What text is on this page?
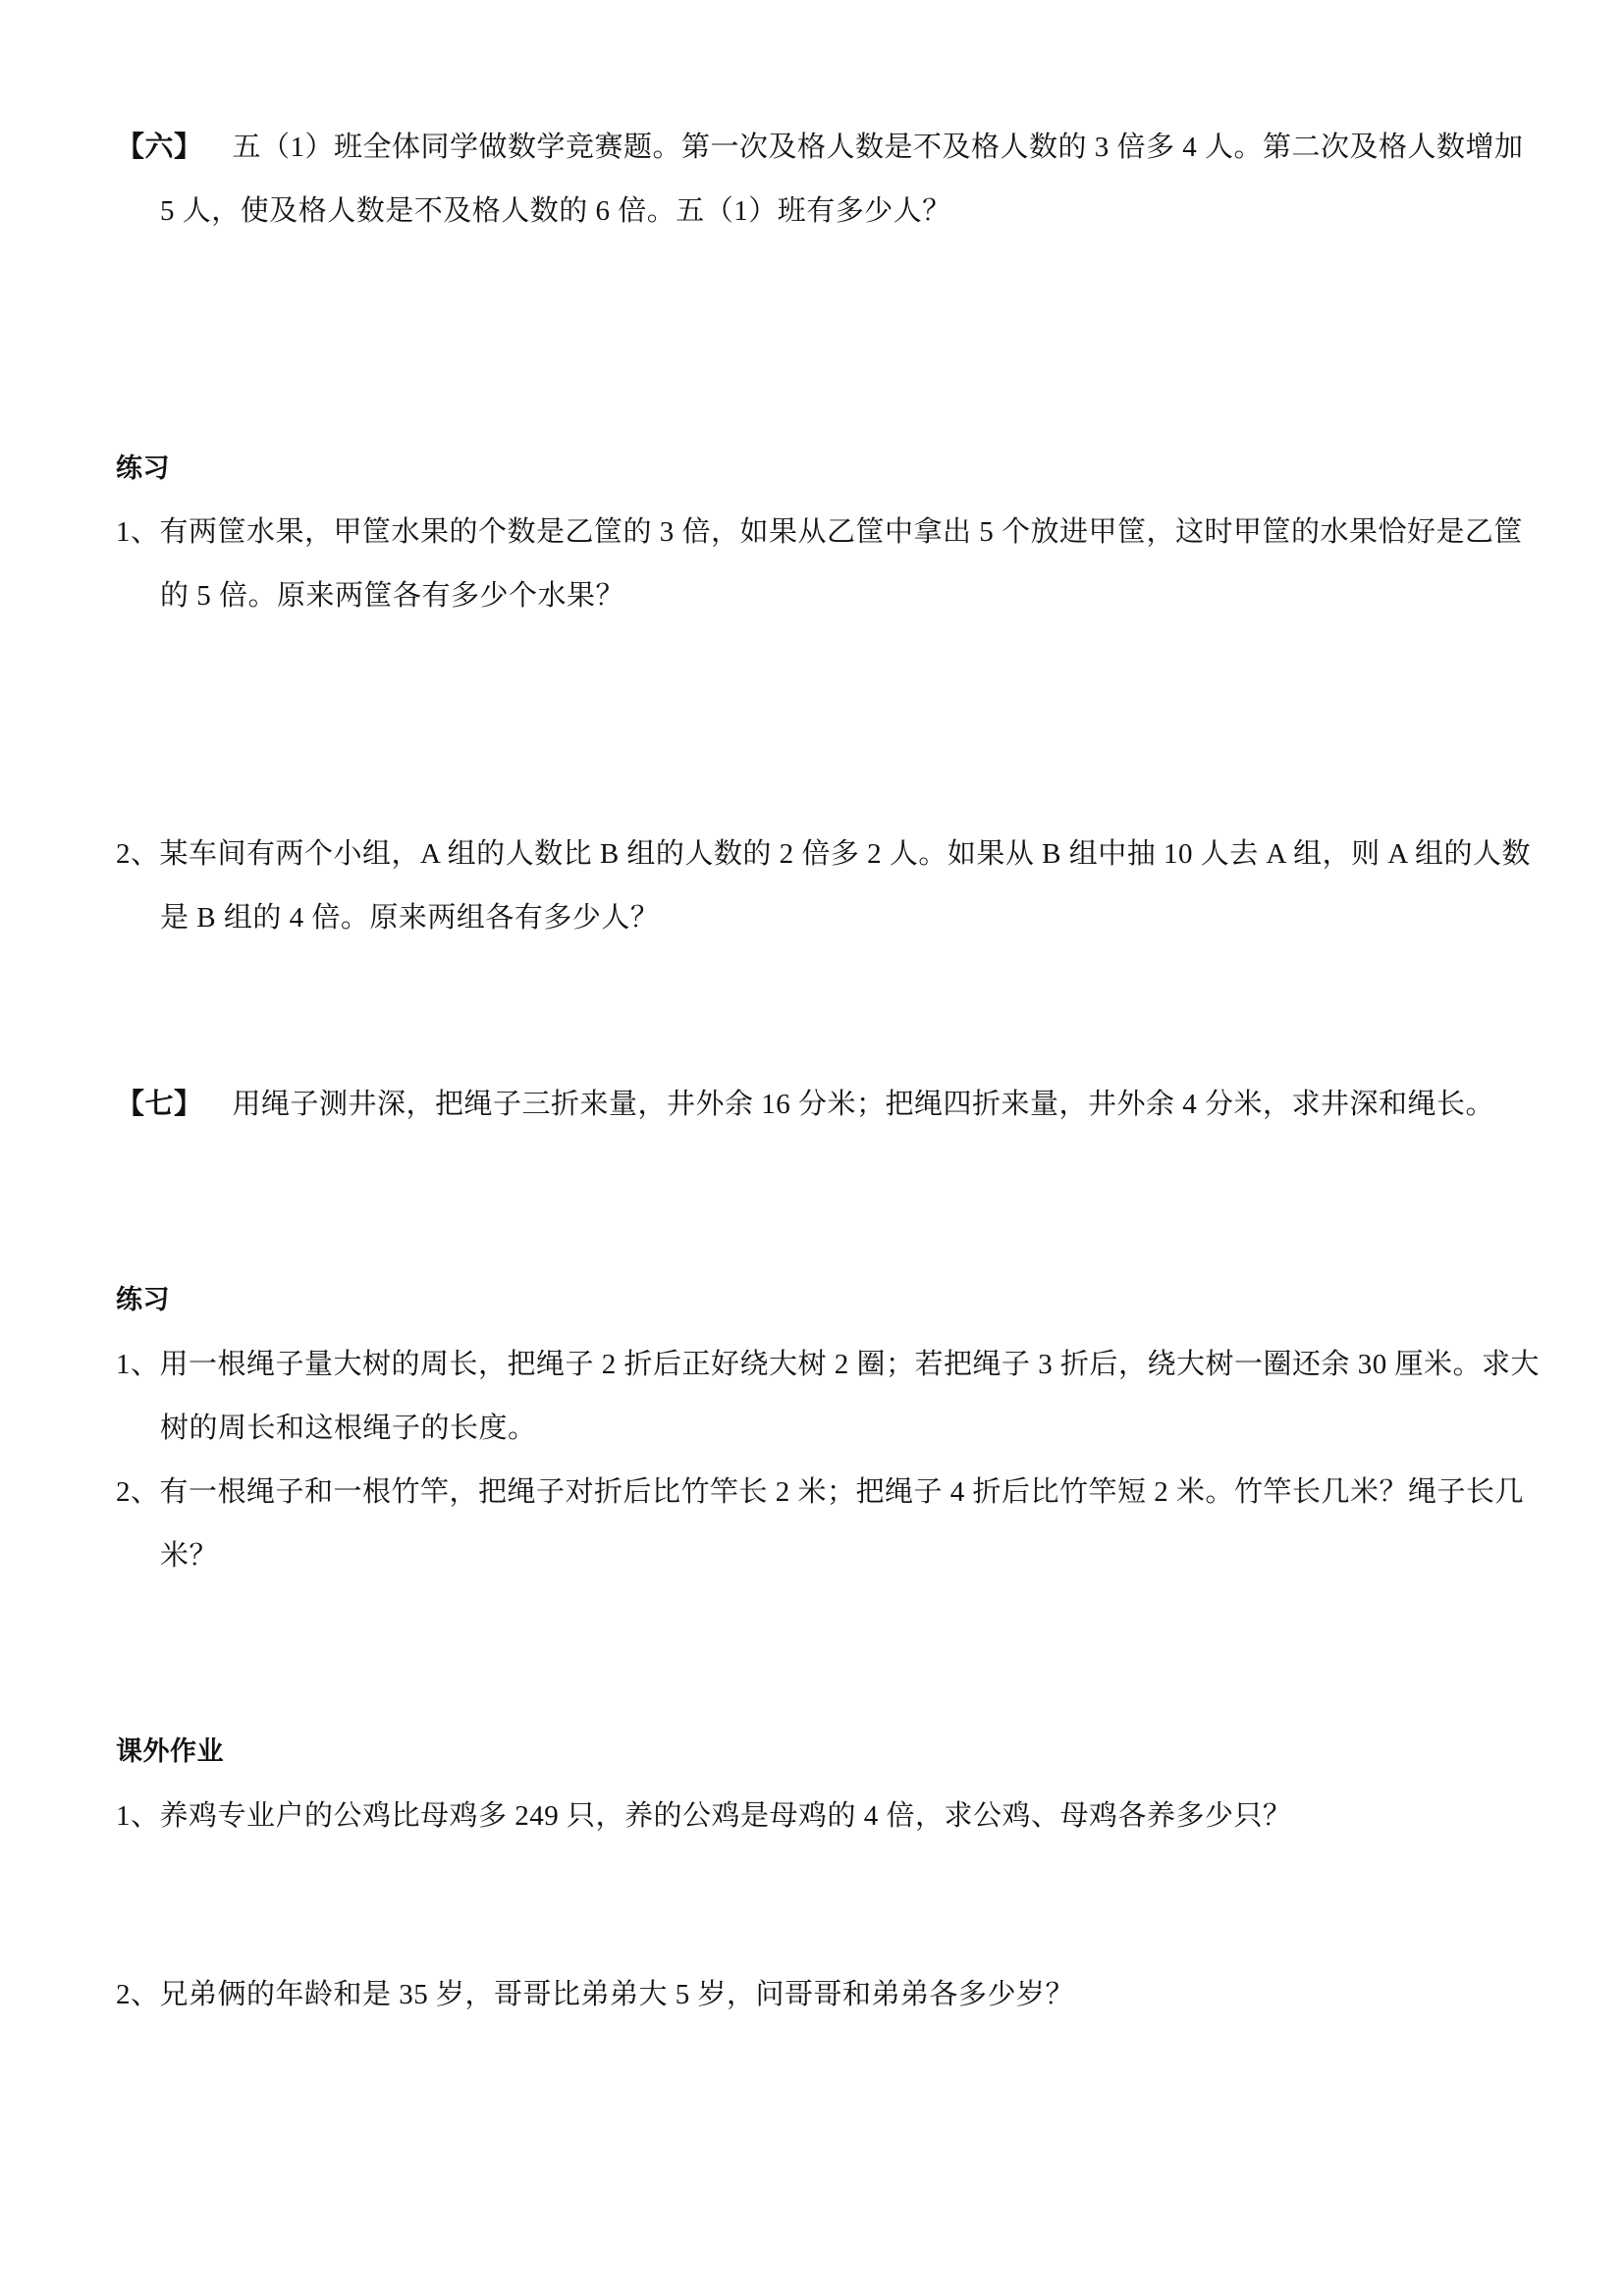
【六】 五（1）班全体同学做数学竞赛题。第一次及格人数是不及格人数的 3 倍多 4 人。第二次及格人数增加
5 人，使及格人数是不及格人数的 6 倍。五（1）班有多少人？
练习
1、有两筐水果，甲筐水果的个数是乙筐的 3 倍，如果从乙筐中拿出 5 个放进甲筐，这时甲筐的水果恰好是乙筐
的 5 倍。原来两筐各有多少个水果？
2、某车间有两个小组，A 组的人数比 B 组的人数的 2 倍多 2 人。如果从 B 组中抽 10 人去 A 组，则 A 组的人数
是 B 组的 4 倍。原来两组各有多少人？
【七】 用绳子测井深，把绳子三折来量，井外余 16 分米；把绳四折来量，井外余 4 分米，求井深和绳长。
练习
1、用一根绳子量大树的周长，把绳子 2 折后正好绕大树 2 圈；若把绳子 3 折后，绕大树一圈还余 30 厘米。求大
树的周长和这根绳子的长度。
2、有一根绳子和一根竹竿，把绳子对折后比竹竿长 2 米；把绳子 4 折后比竹竿短 2 米。竹竿长几米？绳子长几
米？
课外作业
1、养鸡专业户的公鸡比母鸡多 249 只，养的公鸡是母鸡的 4 倍，求公鸡、母鸡各养多少只？
2、兄弟俩的年龄和是 35 岁，哥哥比弟弟大 5 岁，问哥哥和弟弟各多少岁？
